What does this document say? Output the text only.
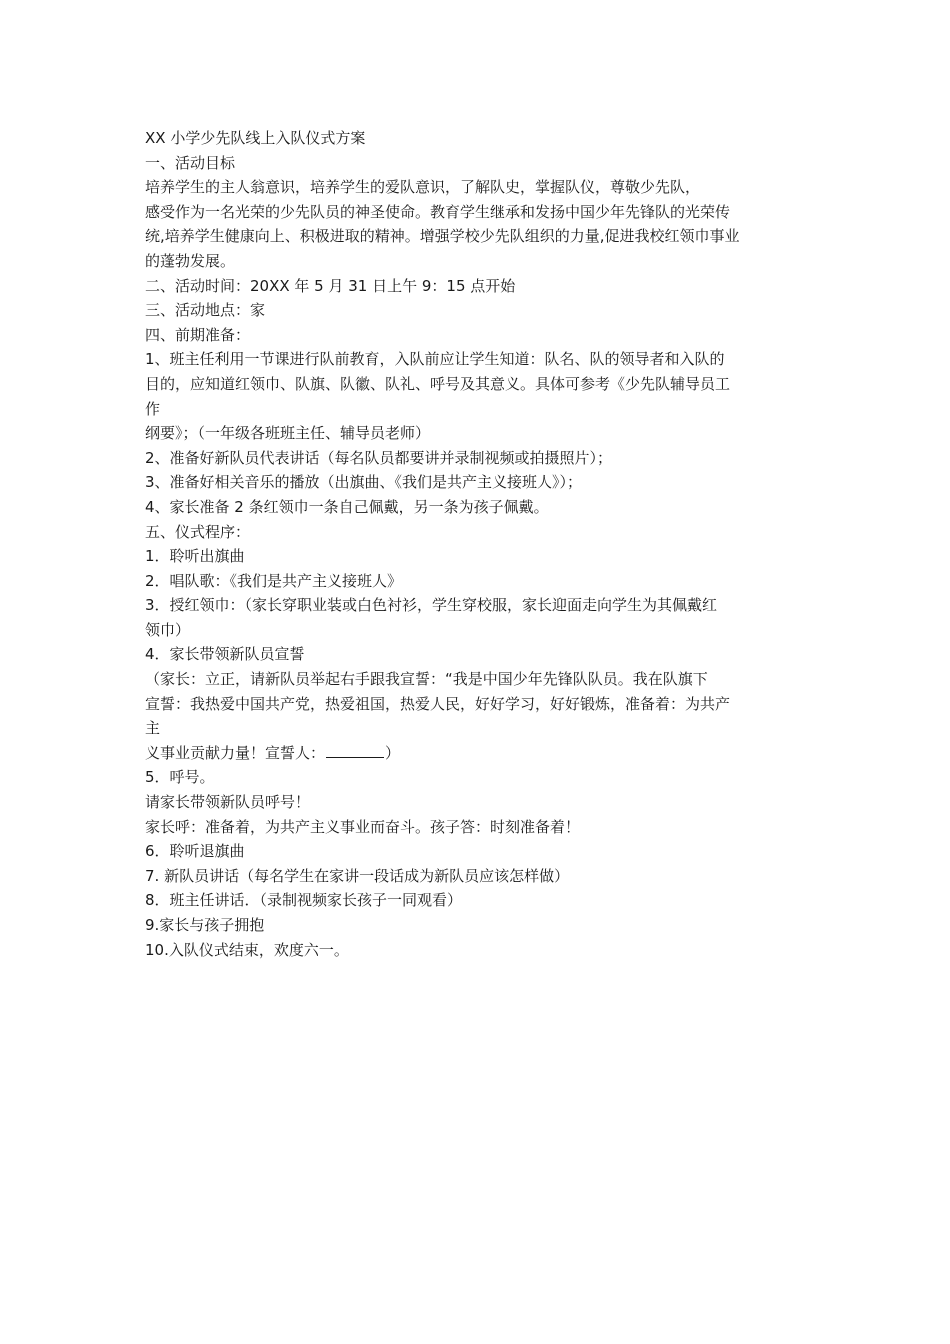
XX 小学少先队线上入队仪式方案
一、活动目标
培养学生的主人翁意识，培养学生的爱队意识，了解队史，掌握队仪，尊敬少先队，
感受作为一名光荣的少先队员的神圣使命。教育学生继承和发扬中国少年先锋队的光荣传
统,培养学生健康向上、积极进取的精神。增强学校少先队组织的力量,促进我校红领巾事业
的蓬勃发展。
二、活动时间：20XX 年 5 月 31 日上午 9：15 点开始
三、活动地点：家
四、前期准备：
1、班主任利用一节课进行队前教育，入队前应让学生知道：队名、队的领导者和入队的
目的，应知道红领巾、队旗、队徽、队礼、呼号及其意义。具体可参考《少先队辅导员工
作
纲要》；（一年级各班班主任、辅导员老师）
2、准备好新队员代表讲话（每名队员都要讲并录制视频或拍摄照片）；
3、准备好相关音乐的播放（出旗曲、《我们是共产主义接班人》）；
4、家长准备 2 条红领巾一条自己佩戴，另一条为孩子佩戴。
五、仪式程序：
1．聆听出旗曲
2．唱队歌：《我们是共产主义接班人》
3．授红领巾：（家长穿职业装或白色衬衫，学生穿校服，家长迎面走向学生为其佩戴红
领巾）
4．家长带领新队员宣誓
（家长：立正，请新队员举起右手跟我宣誓：“我是中国少年先锋队队员。我在队旗下
宣誓：我热爱中国共产党，热爱祖国，热爱人民，好好学习，好好锻炼，准备着：为共产
主
义事业贡献力量！宣誓人：	）
5．呼号。
请家长带领新队员呼号！
家长呼：准备着，为共产主义事业而奋斗。孩子答：时刻准备着！
6．聆听退旗曲
7. 新队员讲话（每名学生在家讲一段话成为新队员应该怎样做）
8．班主任讲话．（录制视频家长孩子一同观看）
9.家长与孩子拥抱
10.入队仪式结束，欢度六一。
